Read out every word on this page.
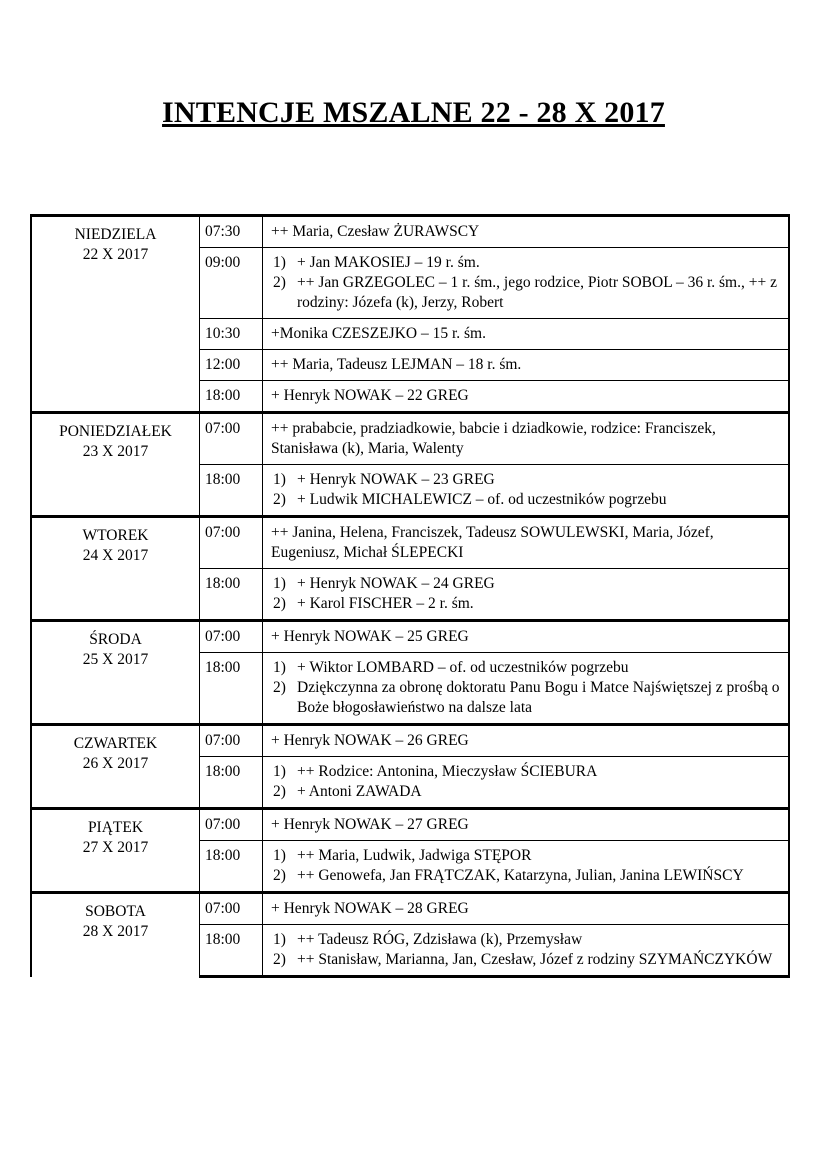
INTENCJE MSZALNE 22 - 28 X 2017
NIEDZIELA
22 X 2017	07:30	++ Maria, Czesław ŻURAWSCY

	09:00	1) + Jan MAKOSIEJ – 19 r. śm.
2) ++ Jan GRZEGOLEC – 1 r. śm., jego rodzice, Piotr SOBOL – 36 r. śm., ++ z rodziny: Józefa (k), Jerzy, Robert

	10:30	+Monika CZESZEJKO – 15 r. śm.

	12:00	++ Maria, Tadeusz LEJMAN – 18 r. śm.

	18:00	+ Henryk NOWAK – 22 GREG

PONIEDZIAŁEK
23 X 2017	07:00	++ prababcie, pradziadkowie, babcie i dziadkowie, rodzice: Franciszek, Stanisława (k), Maria, Walenty

	18:00	1) + Henryk NOWAK – 23 GREG
2) + Ludwik MICHALEWICZ – of. od uczestników pogrzebu

WTOREK
24 X 2017	07:00	++ Janina, Helena, Franciszek, Tadeusz SOWULEWSKI, Maria, Józef, Eugeniusz, Michał ŚLEPECKI

	18:00	1) + Henryk NOWAK – 24 GREG
2) + Karol FISCHER – 2 r. śm.

ŚRODA
25 X 2017	07:00	+ Henryk NOWAK – 25 GREG

	18:00	1) + Wiktor LOMBARD – of. od uczestników pogrzebu
2) Dziękczynna za obronę doktoratu Panu Bogu i Matce Najświętszej z prośbą o Boże błogosławieństwo na dalsze lata

CZWARTEK
26 X 2017	07:00	+ Henryk NOWAK – 26 GREG

	18:00	1) ++ Rodzice: Antonina, Mieczysław ŚCIEBURA
2) + Antoni ZAWADA

PIĄTEK
27 X 2017	07:00	+ Henryk NOWAK – 27 GREG

	18:00	1) ++ Maria, Ludwik, Jadwiga STĘPOR
2) ++ Genowefa, Jan FRĄTCZAK, Katarzyna, Julian, Janina LEWIŃSCY

SOBOTA
28 X 2017	07:00	+ Henryk NOWAK – 28 GREG

	18:00	1) ++ Tadeusz RÓG, Zdzisława (k), Przemysław
2) ++ Stanisław, Marianna, Jan, Czesław, Józef z rodziny SZYMAŃCZYKÓW
